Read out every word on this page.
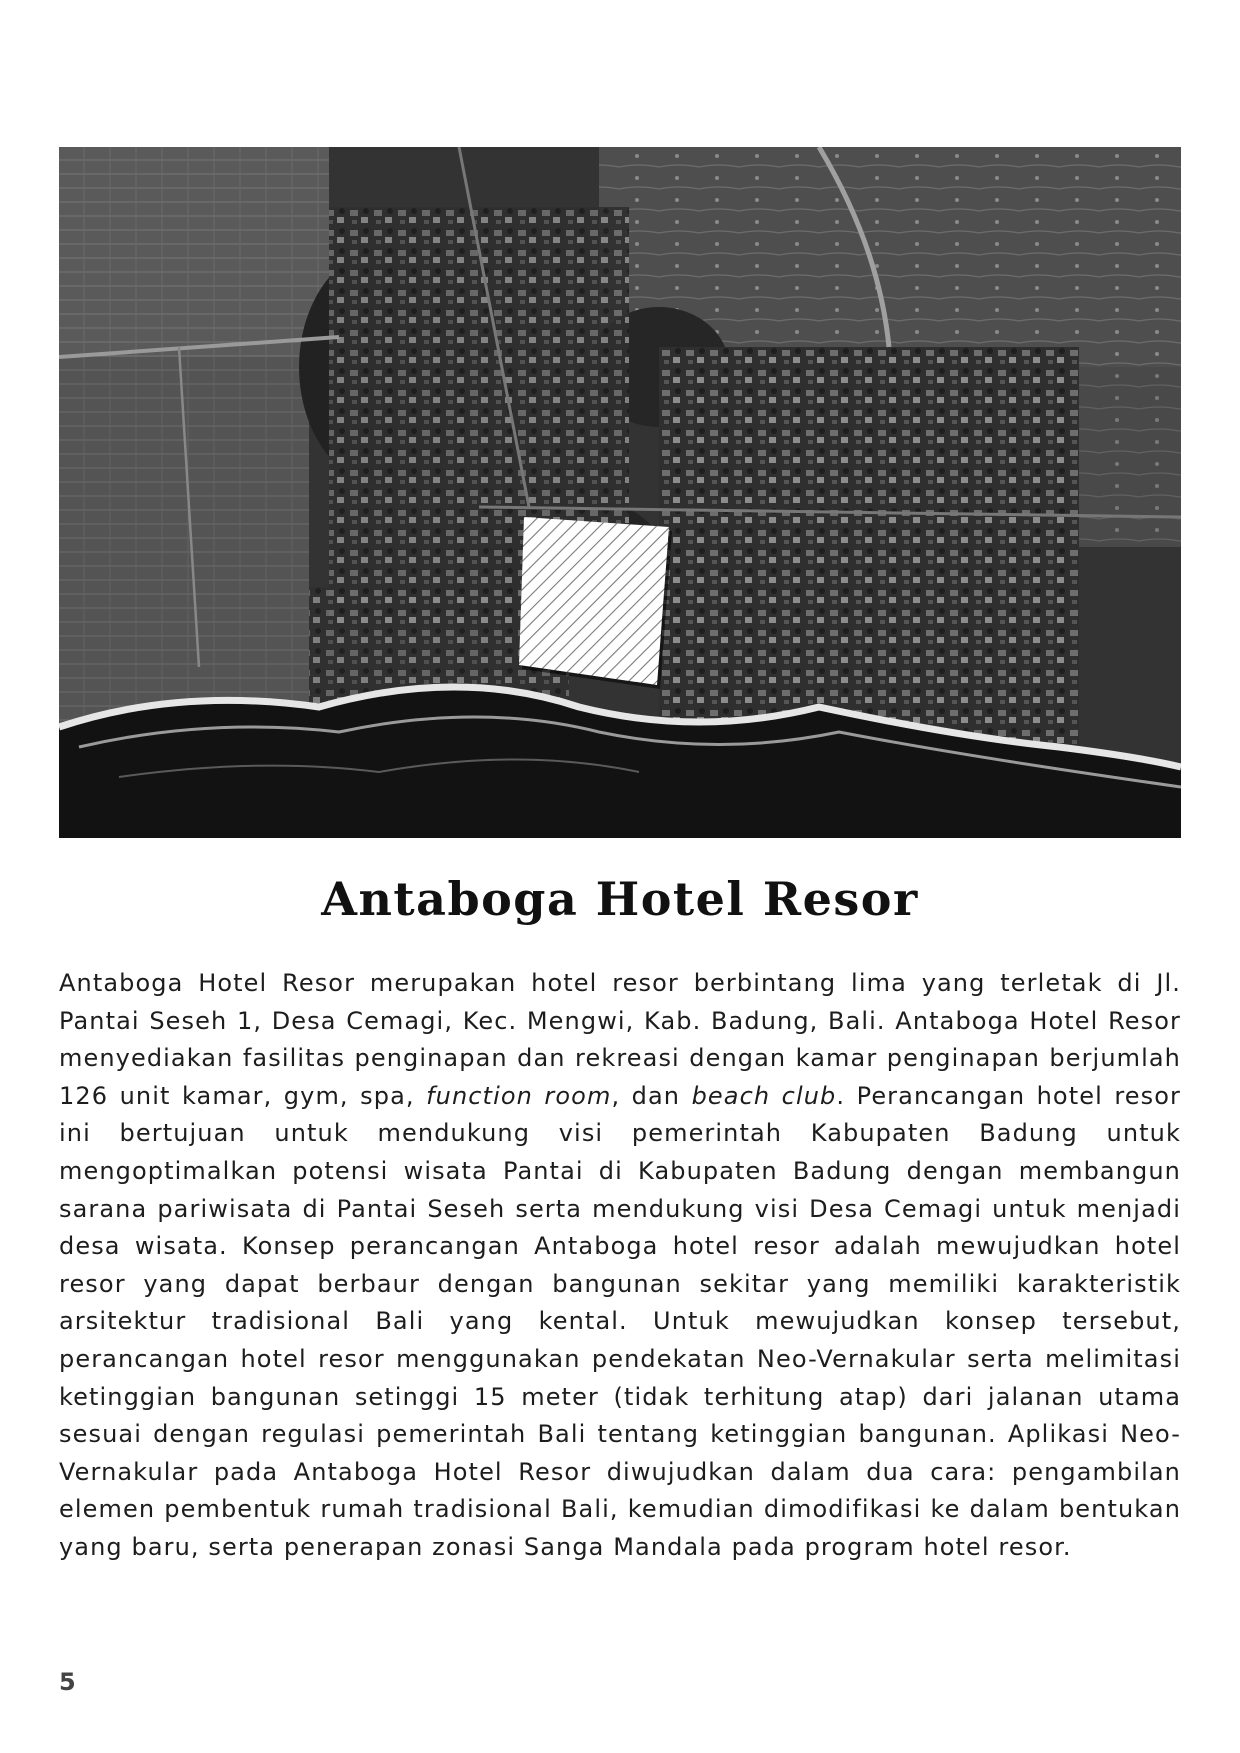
Antaboga Hotel Resor

Antaboga Hotel Resor merupakan hotel resor berbintang lima yang terletak di Jl. Pantai Seseh 1, Desa Cemagi, Kec. Mengwi, Kab. Badung, Bali. Antaboga Hotel Resor menyediakan fasilitas penginapan dan rekreasi dengan kamar penginapan berjumlah 126 unit kamar, gym, spa, function room, dan beach club. Perancangan hotel resor ini bertujuan untuk mendukung visi pemerintah Kabupaten Badung untuk mengoptimalkan potensi wisata Pantai di Kabupaten Badung dengan membangun sarana pariwisata di Pantai Seseh serta mendukung visi Desa Cemagi untuk menjadi desa wisata. Konsep perancangan Antaboga hotel resor adalah mewujudkan hotel resor yang dapat berbaur dengan bangunan sekitar yang memiliki karakteristik arsitektur tradisional Bali yang kental. Untuk mewujudkan konsep tersebut, perancangan hotel resor menggunakan pendekatan Neo-Vernakular serta melimitasi ketinggian bangunan setinggi 15 meter (tidak terhitung atap) dari jalanan utama sesuai dengan regulasi pemerintah Bali tentang ketinggian bangunan. Aplikasi Neo-Vernakular pada Antaboga Hotel Resor diwujudkan dalam dua cara: pengambilan elemen pembentuk rumah tradisional Bali, kemudian dimodifikasi ke dalam bentukan yang baru, serta penerapan zonasi Sanga Mandala pada program hotel resor.

5
